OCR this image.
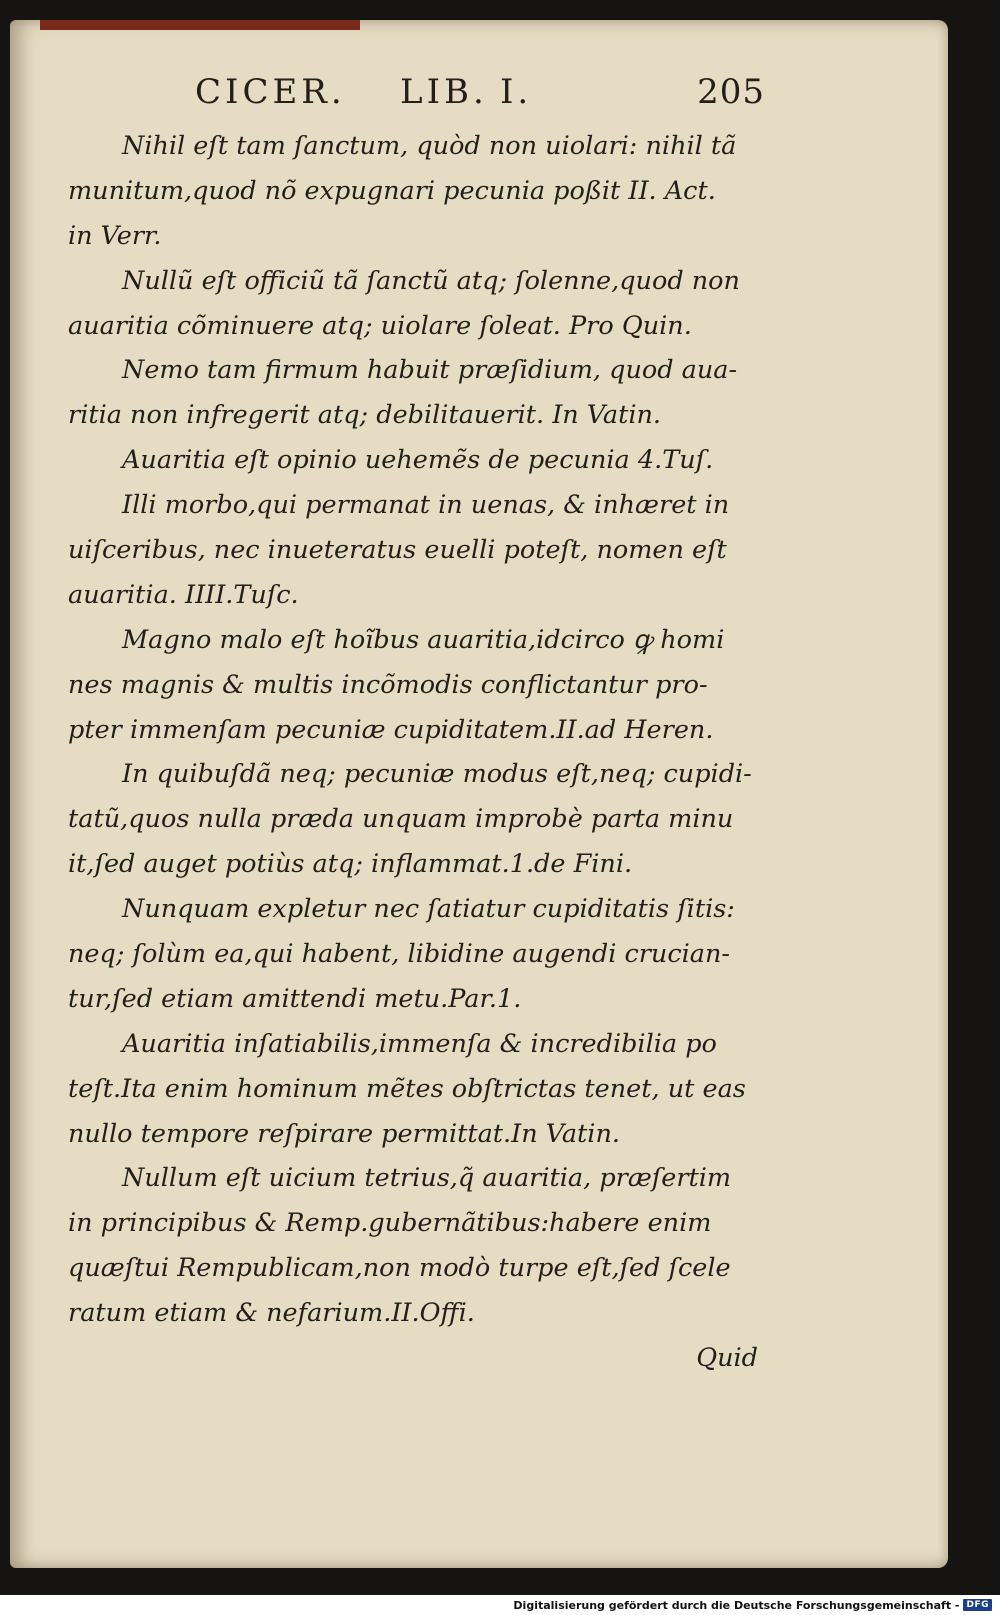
CICER. LIB. I.	205
Nihil eſt tam ſanctum, quòd non uiolari: nihil tã
munitum,quod nõ expugnari pecunia poßit II. Act.
in Verr.
Nullũ eſt officiũ tã ſanctũ atq; ſolenne,quod non
auaritia cõminuere atq; uiolare ſoleat. Pro Quin.
Nemo tam firmum habuit præſidium, quod aua-
ritia non infregerit atq; debilitauerit. In Vatin.
Auaritia eſt opinio uehemẽs de pecunia 4.Tuſ.
Illi morbo,qui permanat in uenas, & inhæret in
uiſceribus, nec inueteratus euelli poteſt, nomen eſt
auaritia. IIII.Tuſc.
Magno malo eſt hoĩbus auaritia,idcirco ꝙ homi
nes magnis & multis incõmodis conflictantur pro-
pter immenſam pecuniæ cupiditatem.II.ad Heren.
In quibuſdã neq; pecuniæ modus eſt,neq; cupidi-
tatũ,quos nulla præda unquam improbè parta minu
it,ſed auget potiùs atq; inflammat.1.de Fini.
Nunquam expletur nec ſatiatur cupiditatis ſitis:
neq; ſolùm ea,qui habent, libidine augendi crucian-
tur,ſed etiam amittendi metu.Par.1.
Auaritia inſatiabilis,immenſa & incredibilia po
teſt.Ita enim hominum mẽtes obſtrictas tenet, ut eas
nullo tempore reſpirare permittat.In Vatin.
Nullum eſt uicium tetrius,q̃ auaritia, præſertim
in principibus & Remp.gubernãtibus:habere enim
quæſtui Rempublicam,non modò turpe eſt,ſed ſcele
ratum etiam & nefarium.II.Offi.
Quid
Digitalisierung gefördert durch die Deutsche Forschungsgemeinschaft - DFG
